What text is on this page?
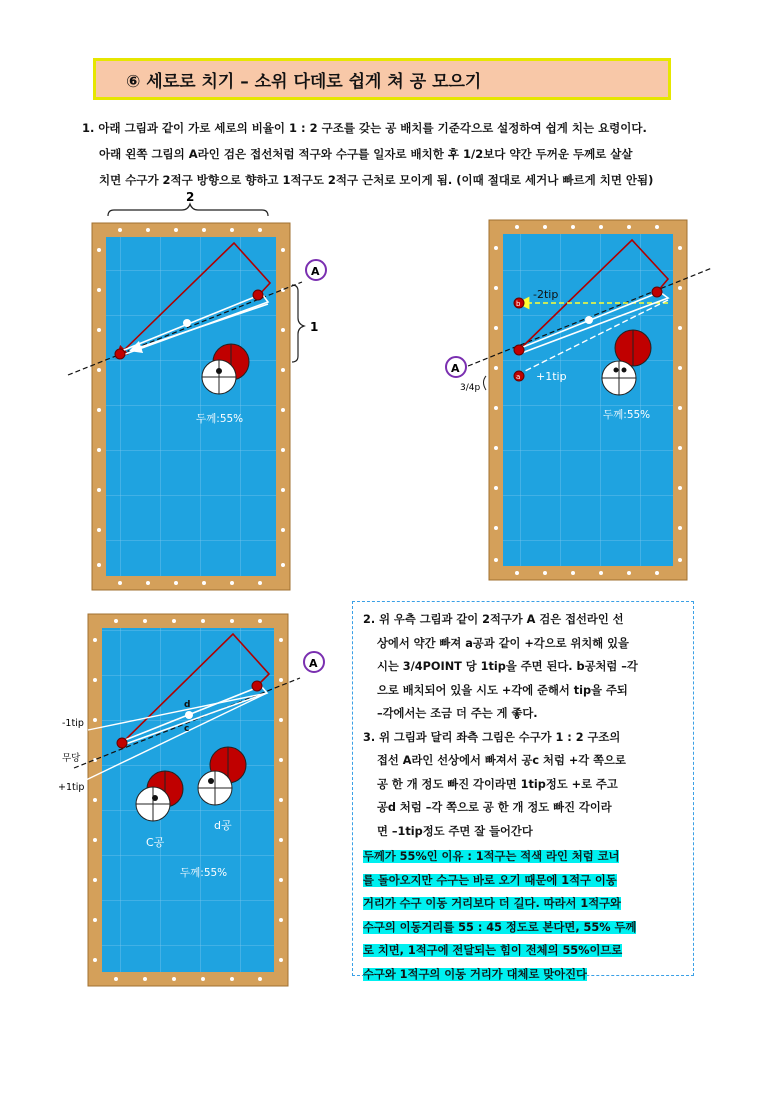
⑥ 세로로 치기 – 소위 다데로 쉽게 쳐 공 모으기
1. 아래 그림과 같이 가로 세로의 비율이 1 : 2 구조를 갖는 공 배치를 기준각으로 설정하여 쉽게 치는 요령이다.
아래 왼쪽 그림의 A라인 검은 접선처럼 적구와 수구를 일자로 배치한 후 1/2보다 약간 두꺼운 두께로 살살
치면 수구가 2적구 방향으로 향하고 1적구도 2적구 근처로 모이게 됨. (이때 절대로 세거나 빠르게 치면 안됨)
2
1
두께:55%
A
b
a
-2tip
+1tip
두께:55%
A
3/4p
d
c
-1tip
무당
+1tip
C공
d공
두께:55%
A
2. 위 우측 그림과 같이 2적구가 A 검은 접선라인 선
상에서 약간 빠져 a공과 같이 +각으로 위치해 있을
시는 3/4POINT 당 1tip을 주면 된다. b공처럼 –각
으로 배치되어 있을 시도 +각에 준해서 tip을 주되
–각에서는 조금 더 주는 게 좋다.
3. 위 그림과 달리 좌측 그림은 수구가 1 : 2 구조의
접선 A라인 선상에서 빠져서 공c 처럼 +각 쪽으로
공 한 개 정도 빠진 각이라면 1tip정도 +로 주고
공d 처럼 –각 쪽으로 공 한 개 정도 빠진 각이라
면 –1tip정도 주면 잘 들어간다
두께가 55%인 이유 : 1적구는 적색 라인 처럼 코너
를 돌아오지만 수구는 바로 오기 때문에 1적구 이동
거리가 수구 이동 거리보다 더 길다. 따라서 1적구와
수구의 이동거리를 55 : 45 정도로 본다면, 55% 두께
로 치면, 1적구에 전달되는 힘이 전체의 55%이므로
수구와 1적구의 이동 거리가 대체로 맞아진다
